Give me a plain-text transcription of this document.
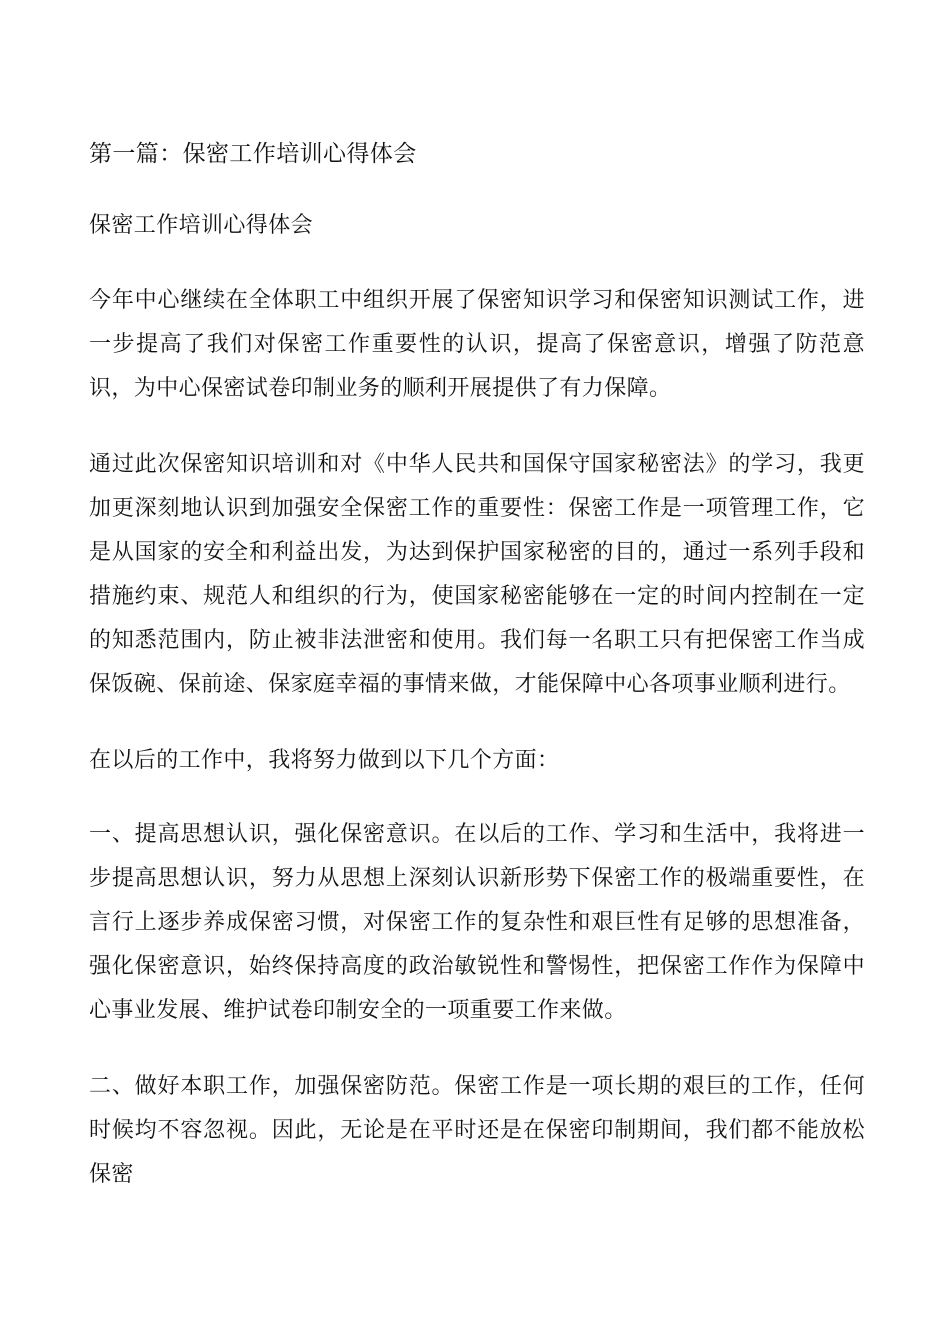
第一篇：保密工作培训心得体会

保密工作培训心得体会

今年中心继续在全体职工中组织开展了保密知识学习和保密知识测试工作，进一步提高了我们对保密工作重要性的认识，提高了保密意识，增强了防范意识，为中心保密试卷印制业务的顺利开展提供了有力保障。

通过此次保密知识培训和对《中华人民共和国保守国家秘密法》的学习，我更加更深刻地认识到加强安全保密工作的重要性：保密工作是一项管理工作，它是从国家的安全和利益出发，为达到保护国家秘密的目的，通过一系列手段和措施约束、规范人和组织的行为，使国家秘密能够在一定的时间内控制在一定的知悉范围内，防止被非法泄密和使用。我们每一名职工只有把保密工作当成保饭碗、保前途、保家庭幸福的事情来做，才能保障中心各项事业顺利进行。

在以后的工作中，我将努力做到以下几个方面：

一、提高思想认识，强化保密意识。在以后的工作、学习和生活中，我将进一步提高思想认识，努力从思想上深刻认识新形势下保密工作的极端重要性，在言行上逐步养成保密习惯，对保密工作的复杂性和艰巨性有足够的思想准备，强化保密意识，始终保持高度的政治敏锐性和警惕性，把保密工作作为保障中心事业发展、维护试卷印制安全的一项重要工作来做。

二、做好本职工作，加强保密防范。保密工作是一项长期的艰巨的工作，任何时候均不容忽视。因此，无论是在平时还是在保密印制期间，我们都不能放松保密
